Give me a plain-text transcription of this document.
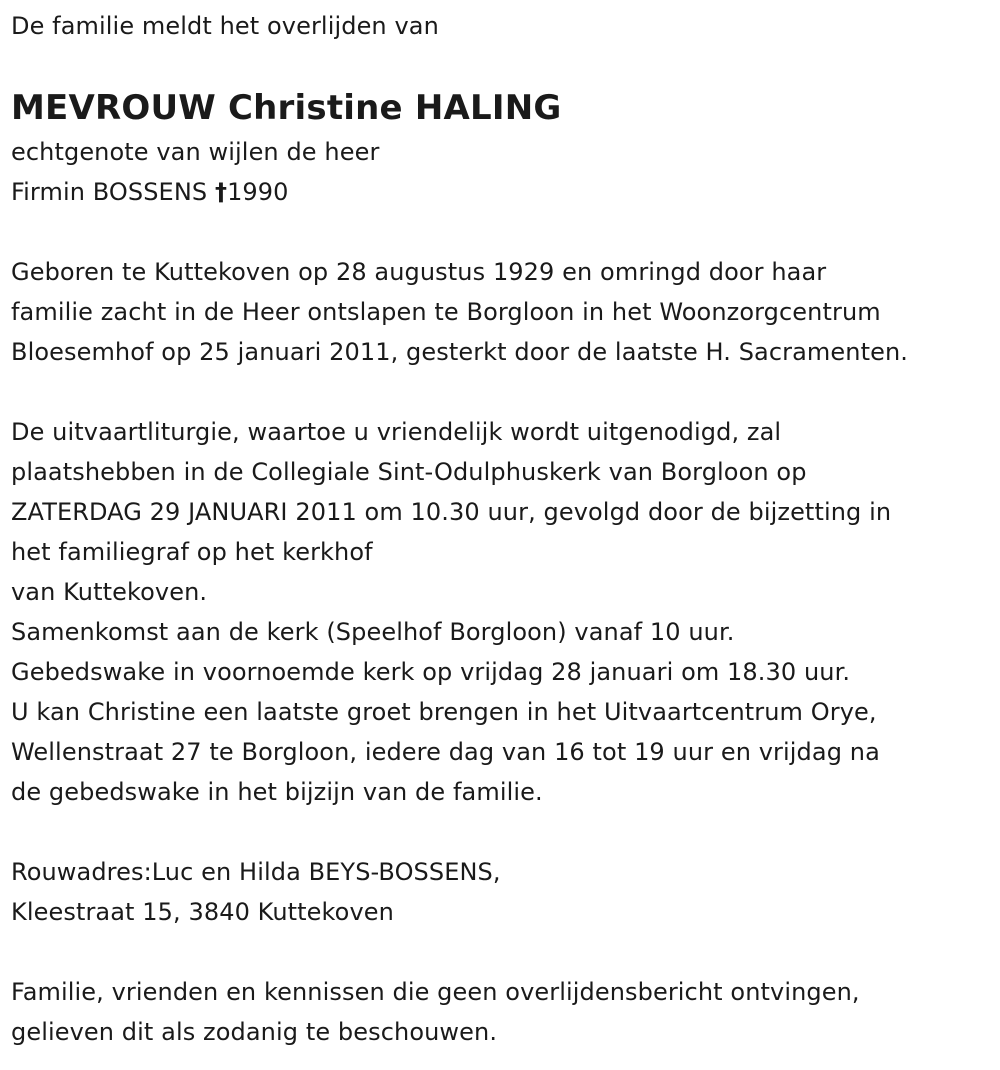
De familie meldt het overlijden van
MEVROUW Christine HALING
echtgenote van wijlen de heer
Firmin BOSSENS †1990
Geboren te Kuttekoven op 28 augustus 1929 en omringd door haar
familie zacht in de Heer ontslapen te Borgloon in het Woonzorgcentrum
Bloesemhof op 25 januari 2011, gesterkt door de laatste H. Sacramenten.
De uitvaartliturgie, waartoe u vriendelijk wordt uitgenodigd, zal
plaatshebben in de Collegiale Sint-Odulphuskerk van Borgloon op
ZATERDAG 29 JANUARI 2011 om 10.30 uur, gevolgd door de bijzetting in
het familiegraf op het kerkhof
van Kuttekoven.
Samenkomst aan de kerk (Speelhof Borgloon) vanaf 10 uur.
Gebedswake in voornoemde kerk op vrijdag 28 januari om 18.30 uur.
U kan Christine een laatste groet brengen in het Uitvaartcentrum Orye,
Wellenstraat 27 te Borgloon, iedere dag van 16 tot 19 uur en vrijdag na
de gebedswake in het bijzijn van de familie.
Rouwadres:Luc en Hilda BEYS-BOSSENS,
Kleestraat 15, 3840 Kuttekoven
Familie, vrienden en kennissen die geen overlijdensbericht ontvingen,
gelieven dit als zodanig te beschouwen.
